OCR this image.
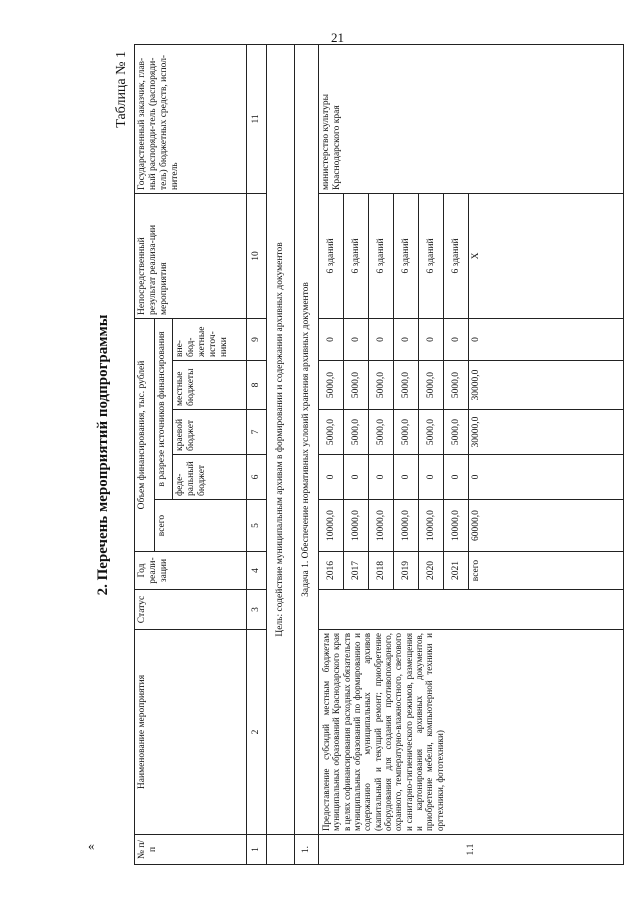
21
«
2. Перечень мероприятий подпрограммы
Таблица № 1
№ п/п	Наименование мероприятия	Статус	Год реали-зации	Объем финансирования, тыс. рублей					Непосредственный результат реализа-ции мероприятия	Государственный заказчик, глав-ный распоряди-тель (распоряди-тель) бюджетных средств, испол-нитель
				всего	в разрезе источников финансирования					
					феде-ральный бюджет	краевой бюджет	местные бюджеты	вне-бюд-жетные источ-ники		
1	2	3	4	5	6	7	8	9	10	11
	Цель: содействие муниципальным архивам в формировании и содержании архивных документов									
1.	Задача 1. Обеспечение нормативных условий хранения архивных документов									
1.1	Предоставление субсидий местным бюджетам муниципальных образований Краснодарского края в целях софинансирования расходных обязательств муниципальных образований по формированию и содержанию муниципальных архивов (капитальный и текущий ремонт; приобретение оборудования для создания противопожарного, охранного, температурно-влажностного, светового и санитарно-гигиенического режимов, размещения и картонирования архивных документов, приобретение мебели, компьютерной техники и оргтехники, фототехники)		2016	10000,0	0	5000,0	5000,0	0	6 зданий	министерство культуры Краснодарского края
			2017	10000,0	0	5000,0	5000,0	0	6 зданий	
			2018	10000,0	0	5000,0	5000,0	0	6 зданий	
			2019	10000,0	0	5000,0	5000,0	0	6 зданий	
			2020	10000,0	0	5000,0	5000,0	0	6 зданий	
			2021	10000,0	0	5000,0	5000,0	0	6 зданий	
			всего	60000,0	0	30000,0	30000,0	0	Х	
